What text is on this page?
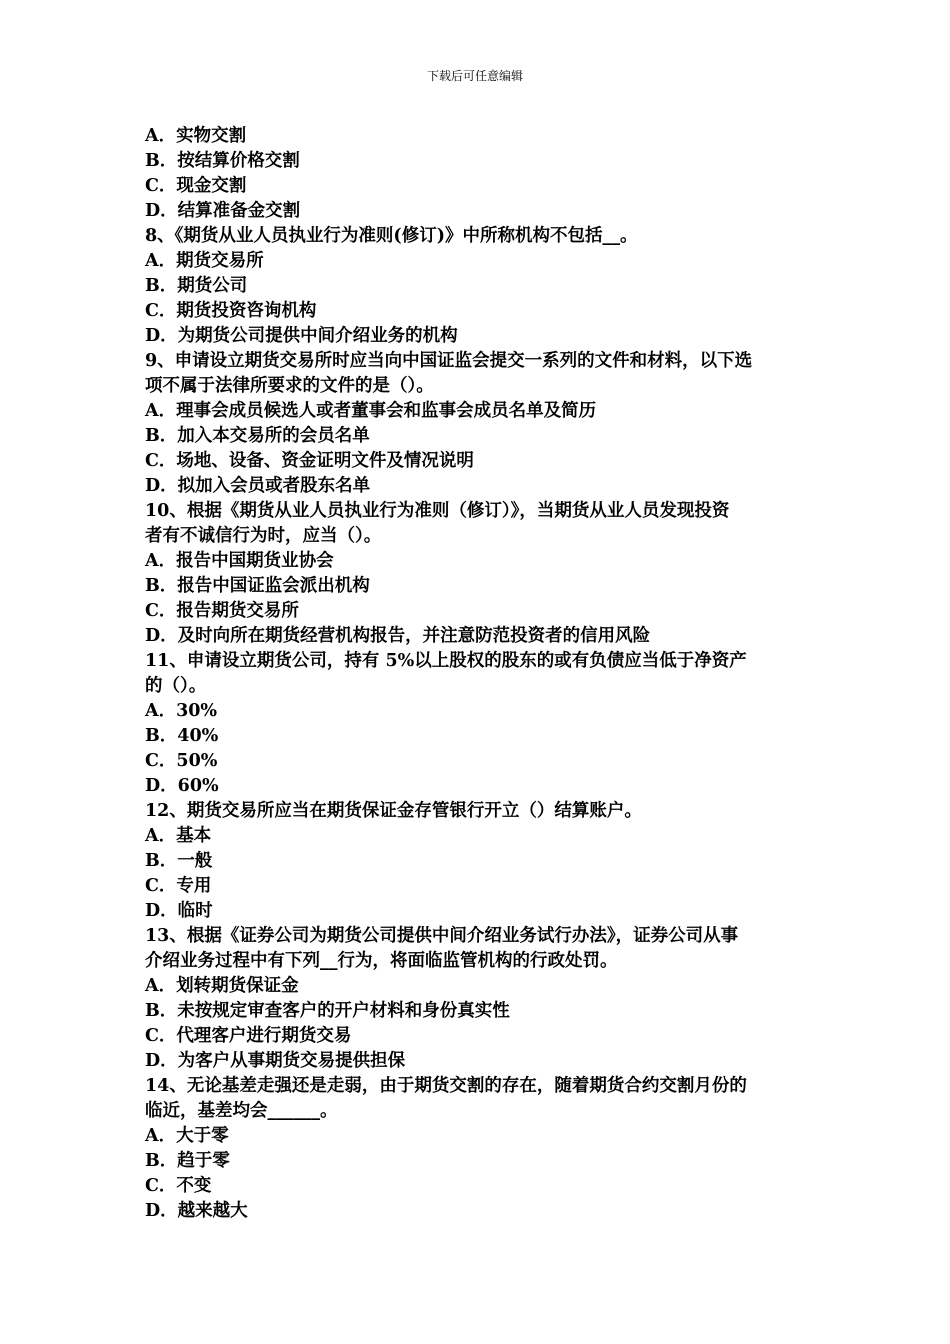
下载后可任意编辑
A．实物交割
B．按结算价格交割
C．现金交割
D．结算准备金交割
8、《期货从业人员执业行为准则(修订)》中所称机构不包括__。
A．期货交易所
B．期货公司
C．期货投资咨询机构
D．为期货公司提供中间介绍业务的机构
9、申请设立期货交易所时应当向中国证监会提交一系列的文件和材料，以下选
项不属于法律所要求的文件的是（）。
A．理事会成员候选人或者董事会和监事会成员名单及简历
B．加入本交易所的会员名单
C．场地、设备、资金证明文件及情况说明
D．拟加入会员或者股东名单
10、根据《期货从业人员执业行为准则（修订）》，当期货从业人员发现投资
者有不诚信行为时，应当（）。
A．报告中国期货业协会
B．报告中国证监会派出机构
C．报告期货交易所
D．及时向所在期货经营机构报告，并注意防范投资者的信用风险
11、申请设立期货公司，持有 5%以上股权的股东的或有负债应当低于净资产
的（）。
A．30%
B．40%
C．50%
D．60%
12、期货交易所应当在期货保证金存管银行开立（）结算账户。
A．基本
B．一般
C．专用
D．临时
13、根据《证券公司为期货公司提供中间介绍业务试行办法》，证券公司从事
介绍业务过程中有下列__行为，将面临监管机构的行政处罚。
A．划转期货保证金
B．未按规定审查客户的开户材料和身份真实性
C．代理客户进行期货交易
D．为客户从事期货交易提供担保
14、无论基差走强还是走弱，由于期货交割的存在，随着期货合约交割月份的
临近，基差均会______。
A．大于零
B．趋于零
C．不变
D．越来越大
